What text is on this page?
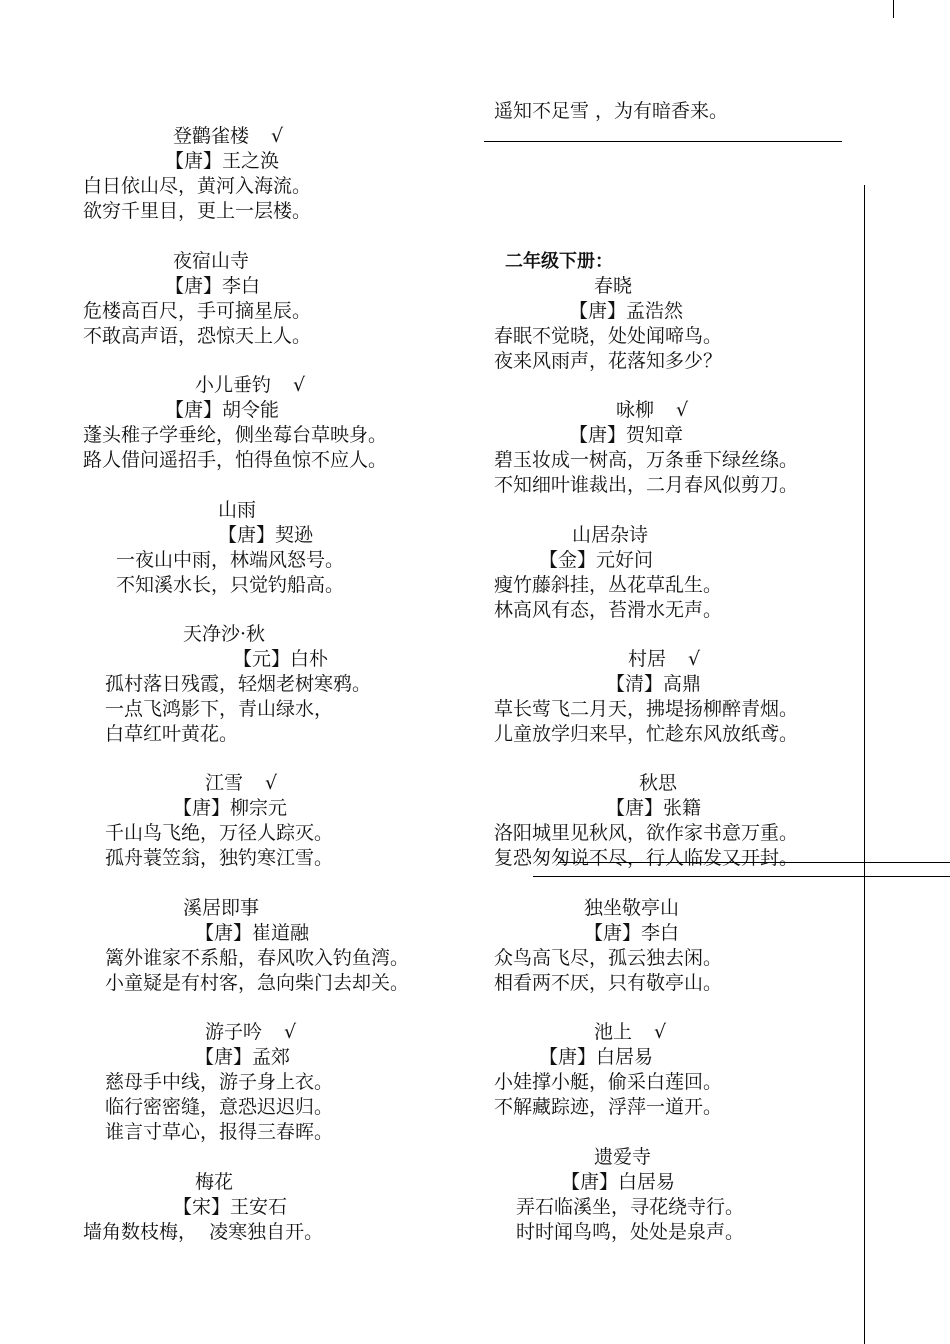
遥知不足雪 ，为有暗香来。
二年级下册：
登鹳雀楼 √
【唐】王之涣
白日依山尽，黄河入海流。
欲穷千里目，更上一层楼。
夜宿山寺
【唐】李白
危楼高百尺，手可摘星辰。
不敢高声语，恐惊天上人。
小儿垂钓 √
【唐】胡令能
蓬头稚子学垂纶，侧坐莓台草映身。
路人借问遥招手，怕得鱼惊不应人。
山雨
【唐】契逊
一夜山中雨，林端风怒号。
不知溪水长，只觉钓船高。
天净沙·秋
【元】白朴
孤村落日残霞，轻烟老树寒鸦。
一点飞鸿影下，青山绿水，
白草红叶黄花。
江雪 √
【唐】柳宗元
千山鸟飞绝，万径人踪灭。
孤舟蓑笠翁，独钓寒江雪。
溪居即事
【唐】崔道融
篱外谁家不系船，春风吹入钓鱼湾。
小童疑是有村客，急向柴门去却关。
游子吟 √
【唐】孟郊
慈母手中线，游子身上衣。
临行密密缝，意恐迟迟归。
谁言寸草心，报得三春晖。
梅花
【宋】王安石
墙角数枝梅，  凌寒独自开。
春晓
【唐】孟浩然
春眠不觉晓，处处闻啼鸟。
夜来风雨声，花落知多少？
咏柳 √
【唐】贺知章
碧玉妆成一树高，万条垂下绿丝绦。
不知细叶谁裁出，二月春风似剪刀。
山居杂诗
【金】元好问
瘦竹藤斜挂，丛花草乱生。
林高风有态，苔滑水无声。
村居 √
【清】高鼎
草长莺飞二月天，拂堤扬柳醉青烟。
儿童放学归来早，忙趁东风放纸鸢。
秋思
【唐】张籍
洛阳城里见秋风，欲作家书意万重。
复恐匆匆说不尽，行人临发又开封。
独坐敬亭山
【唐】李白
众鸟高飞尽，孤云独去闲。
相看两不厌，只有敬亭山。
池上 √
【唐】白居易
小娃撑小艇，偷采白莲回。
不解藏踪迹，浮萍一道开。
遗爱寺
【唐】白居易
弄石临溪坐，寻花绕寺行。
时时闻鸟鸣，处处是泉声。
